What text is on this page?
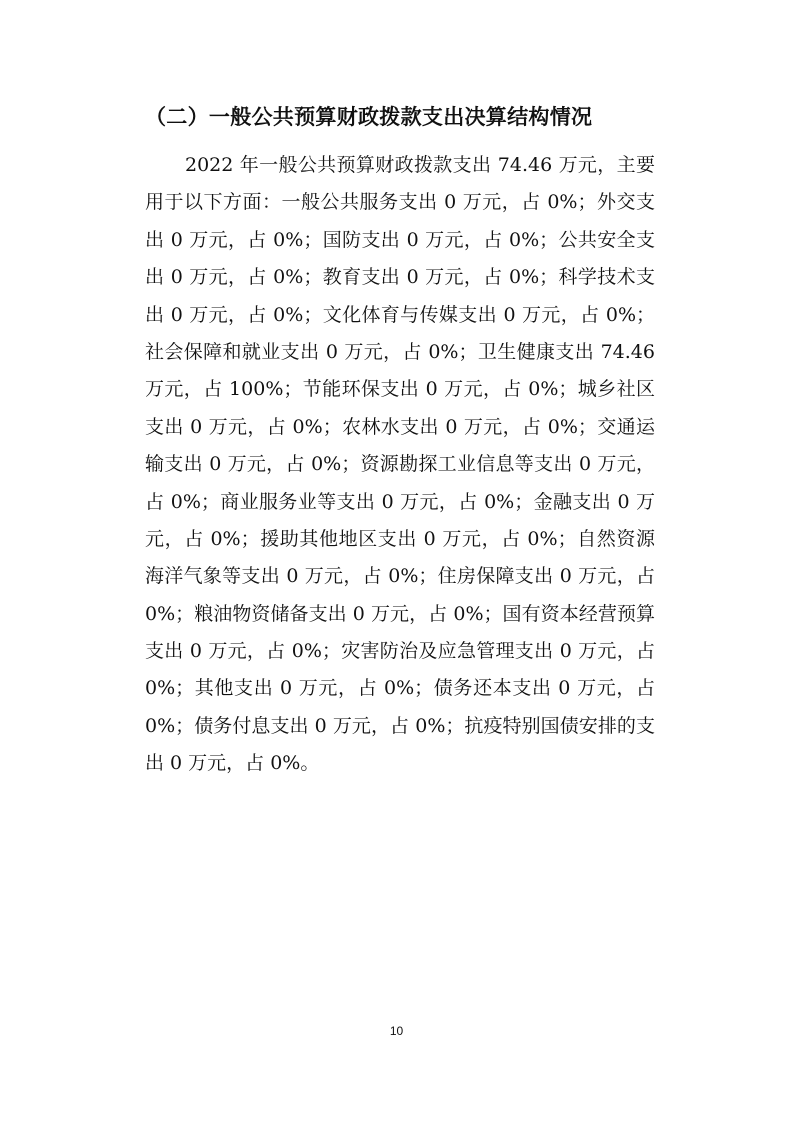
（二）一般公共预算财政拨款支出决算结构情况
2022 年一般公共预算财政拨款支出 74.46 万元，主要
用于以下方面：一般公共服务支出 0 万元，占 0%；外交支
出 0 万元，占 0%；国防支出 0 万元，占 0%；公共安全支
出 0 万元，占 0%；教育支出 0 万元，占 0%；科学技术支
出 0 万元，占 0%；文化体育与传媒支出 0 万元，占 0%；
社会保障和就业支出 0 万元，占 0%；卫生健康支出 74.46
万元，占 100%；节能环保支出 0 万元，占 0%；城乡社区
支出 0 万元，占 0%；农林水支出 0 万元，占 0%；交通运
输支出 0 万元，占 0%；资源勘探工业信息等支出 0 万元，
占 0%；商业服务业等支出 0 万元，占 0%；金融支出 0 万
元，占 0%；援助其他地区支出 0 万元，占 0%；自然资源
海洋气象等支出 0 万元，占 0%；住房保障支出 0 万元，占
0%；粮油物资储备支出 0 万元，占 0%；国有资本经营预算
支出 0 万元，占 0%；灾害防治及应急管理支出 0 万元，占
0%；其他支出 0 万元，占 0%；债务还本支出 0 万元，占
0%；债务付息支出 0 万元，占 0%；抗疫特别国债安排的支
出 0 万元，占 0%。
10
